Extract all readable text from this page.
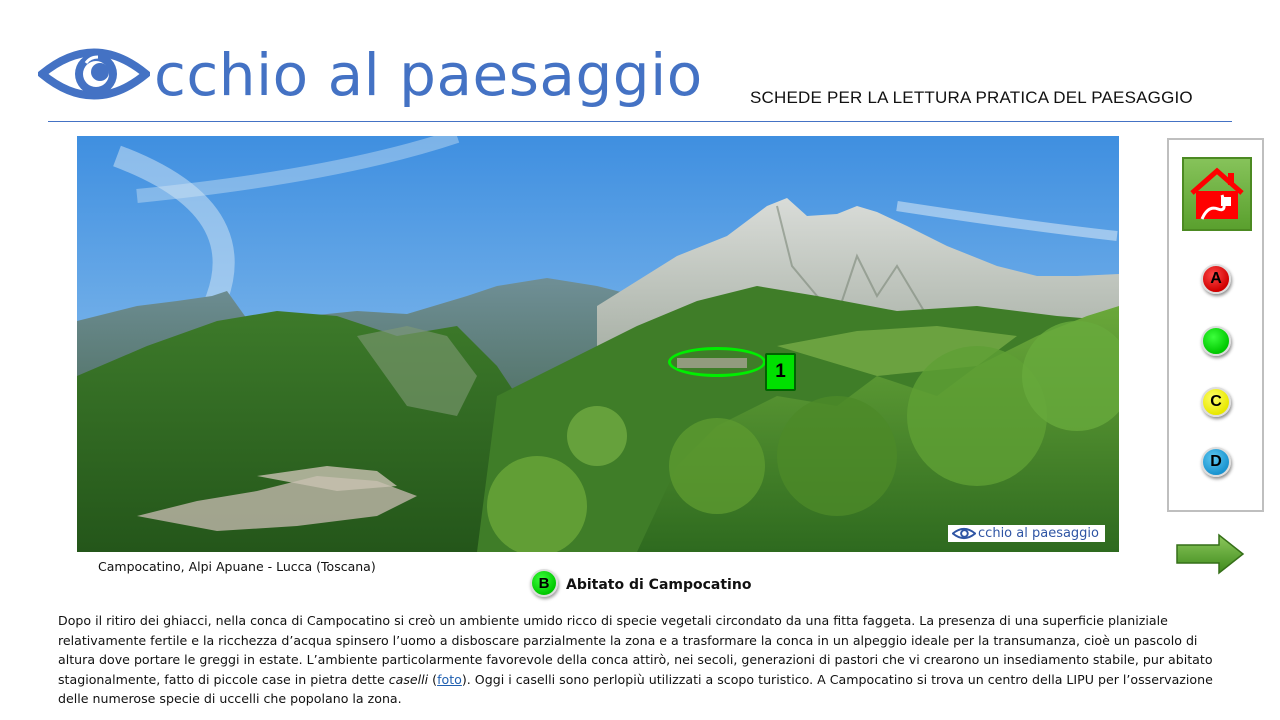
cchio al paesaggio	SCHEDE PER LA LETTURA PRATICA DEL PAESAGGIO
1
cchio al paesaggio
Campocatino, Alpi Apuane - Lucca (Toscana)
A
C
D
B	Abitato di Campocatino
Dopo il ritiro dei ghiacci, nella conca di Campocatino si creò un ambiente umido ricco di specie vegetali circondato da una fitta faggeta. La presenza di una superficie planiziale relativamente fertile e la ricchezza d’acqua spinsero l’uomo a disboscare parzialmente la zona e a trasformare la conca in un alpeggio ideale per la transumanza, cioè un pascolo di altura dove portare le greggi in estate. L’ambiente particolarmente favorevole della conca attirò, nei secoli, generazioni di pastori che vi crearono un insediamento stabile, pur abitato stagionalmente, fatto di piccole case in pietra dette caselli (foto). Oggi i caselli sono perlopiù utilizzati a scopo turistico. A Campocatino si trova un centro della LIPU per l’osservazione delle numerose specie di uccelli che popolano la zona.
